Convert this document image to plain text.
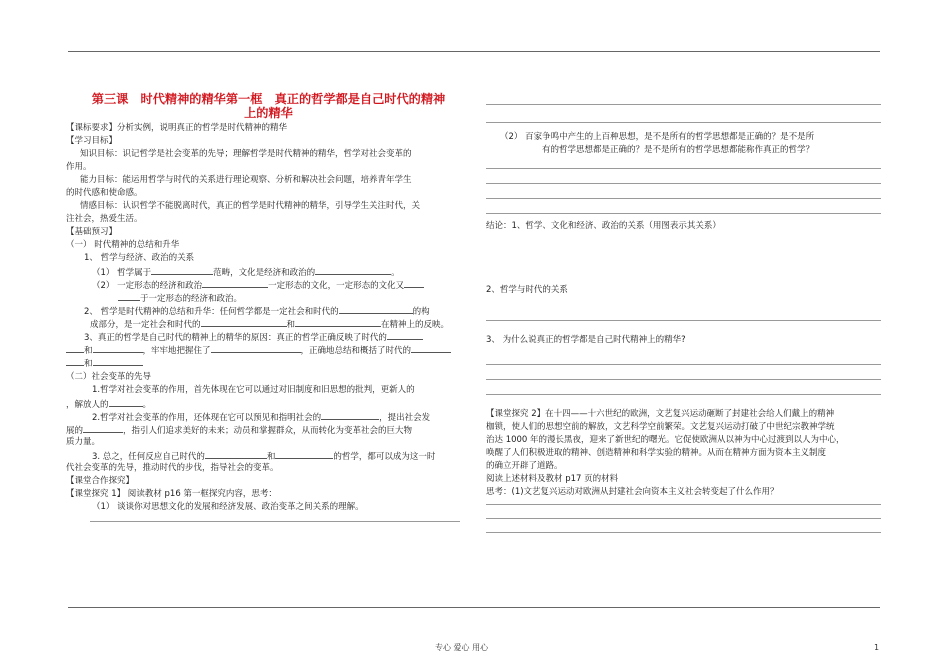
第三课　时代精神的精华第一框　真正的哲学都是自己时代的精神
上的精华
【课标要求】分析实例，说明真正的哲学是时代精神的精华
【学习目标】
知识目标：识记哲学是社会变革的先导；理解哲学是时代精神的精华，哲学对社会变革的
作用。
能力目标：能运用哲学与时代的关系进行理论观察、分析和解决社会问题，培养青年学生
的时代感和使命感。
情感目标：认识哲学不能脱离时代，真正的哲学是时代精神的精华，引导学生关注时代，关
注社会，热爱生活。
【基础预习】
（一） 时代精神的总结和升华
1、 哲学与经济、政治的关系
（1） 哲学属于	范畴，文化是经济和政治的	。
（2） 一定形态的经济和政治	一定形态的文化，一定形态的文化又
于一定形态的经济和政治。
2、 哲学是时代精神的总结和升华：任何哲学都是一定社会和时代的	的构
成部分，是一定社会和时代的	和	在精神上的反映。
3、真正的哲学是自己时代的精神上的精华的原因：真正的哲学正确反映了时代的
和	，牢牢地把握住了	，正确地总结和概括了时代的
和
（二）社会变革的先导
1.哲学对社会变革的作用，首先体现在它可以通过对旧制度和旧思想的批判，更新人的
，解放人的	。
2.哲学对社会变革的作用，还体现在它可以预见和指明社会的	，提出社会发
展的	，指引人们追求美好的未来；动员和掌握群众，从而转化为变革社会的巨大物
质力量。
3. 总之，任何反应自己时代的	和	的哲学，都可以成为这一时
代社会变革的先导，推动时代的步伐，指导社会的变革。
【课堂合作探究】
【课堂探究 1】 阅读教材 p16 第一框探究内容，思考：
（1） 谈谈你对思想文化的发展和经济发展、政治变革之间关系的理解。
（2） 百家争鸣中产生的上百种思想，是不是所有的哲学思想都是正确的？是不是所
有的哲学思想都是正确的？是不是所有的哲学思想都能称作真正的哲学？
结论：1、哲学、文化和经济、政治的关系（用图表示其关系）
2、哲学与时代的关系
3、 为什么说真正的哲学都是自己时代精神上的精华?
【课堂探究 2】在十四——十六世纪的欧洲，文艺复兴运动砸断了封建社会给人们戴上的精神
枷锁，使人们的思想空前的解放，文艺科学空前繁荣。文艺复兴运动打破了中世纪宗教神学统
治达 1000 年的漫长黑夜，迎来了新世纪的曙光。它促使欧洲从以神为中心过渡到以人为中心，
唤醒了人们积极进取的精神、创造精神和科学实验的精神。从而在精神方面为资本主义制度
的确立开辟了道路。
阅读上述材料及教材 p17 页的材料
思考：(1)文艺复兴运动对欧洲从封建社会向资本主义社会转变起了什么作用？
专心 爱心 用心	1
